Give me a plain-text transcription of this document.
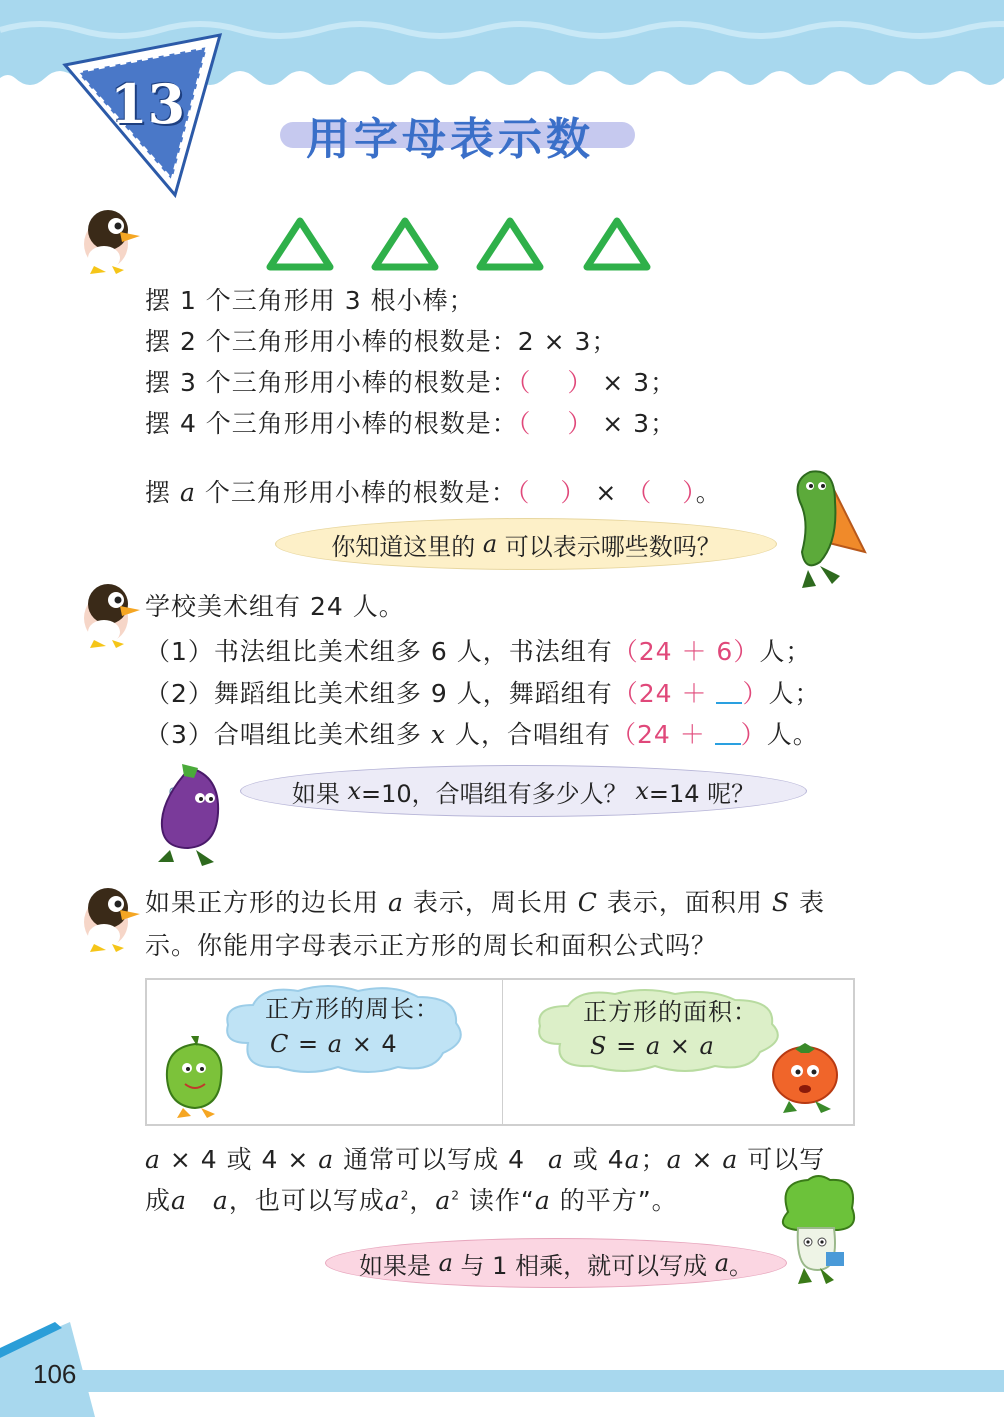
13
用字母表示数
摆 1 个三角形用 3 根小棒；
摆 2 个三角形用小棒的根数是：2 × 3；
摆 3 个三角形用小棒的根数是：（ ） × 3；
摆 4 个三角形用小棒的根数是：（ ） × 3；
摆 a 个三角形用小棒的根数是：（ ） × （ ）。
你知道这里的
a
可以表示哪些数吗？
学校美术组有 24 人。
（1）书法组比美术组多 6 人，书法组有（24 ＋ 6）人；
（2）舞蹈组比美术组多 9 人，舞蹈组有（24 ＋ ）人；
（3）合唱组比美术组多 x 人，合唱组有（24 ＋ ）人。
如果
x =10，合唱组有多少人？
x =14 呢？
如果正方形的边长用 a 表示，周长用 C 表示，面积用 S 表
示。你能用字母表示正方形的周长和面积公式吗？
正方形的周长：
C = a × 4
正方形的面积：
S = a × a
a × 4 或 4 × a 通常可以写成 4 a 或 4a；a × a 可以写
成a a，也可以写成$a^2$，$a^2$ 读作“a 的平方”。
如果是
a
与 1 相乘，就可以写成
a 。
106
